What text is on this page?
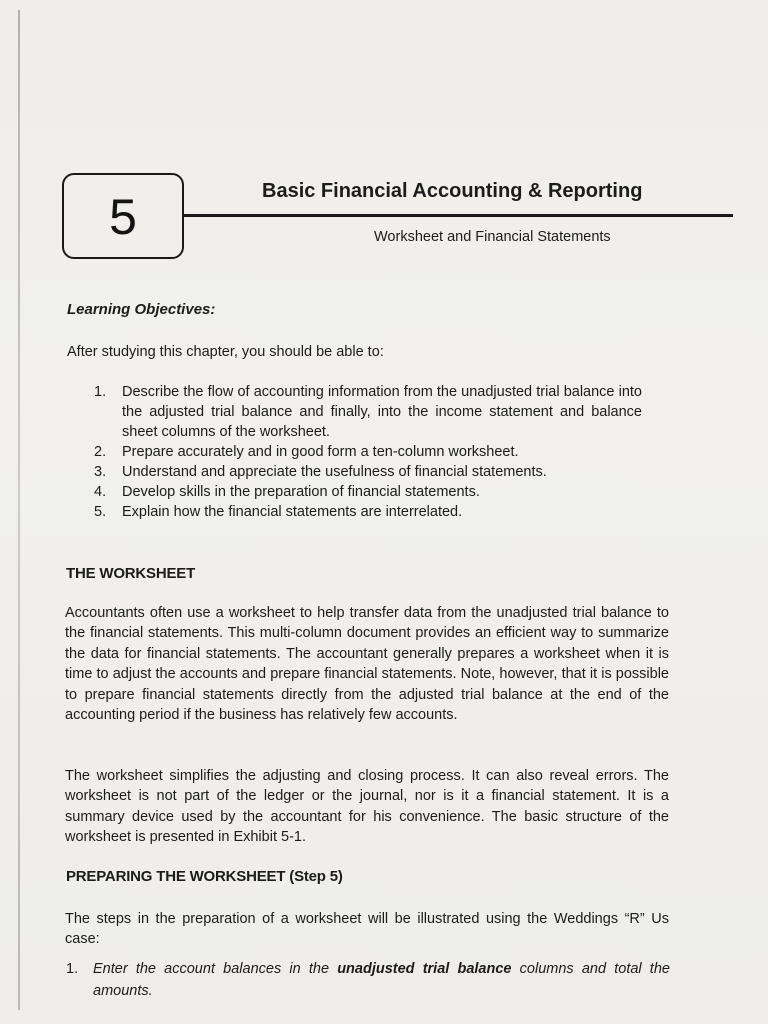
5	Basic Financial Accounting & Reporting
Worksheet and Financial Statements
Learning Objectives:
After studying this chapter, you should be able to:
1. Describe the flow of accounting information from the unadjusted trial balance into the adjusted trial balance and finally, into the income statement and balance sheet columns of the worksheet.
2. Prepare accurately and in good form a ten-column worksheet.
3. Understand and appreciate the usefulness of financial statements.
4. Develop skills in the preparation of financial statements.
5. Explain how the financial statements are interrelated.
THE WORKSHEET

Accountants often use a worksheet to help transfer data from the unadjusted trial balance to the financial statements. This multi-column document provides an efficient way to summarize the data for financial statements. The accountant generally prepares a worksheet when it is time to adjust the accounts and prepare financial statements. Note, however, that it is possible to prepare financial statements directly from the adjusted trial balance at the end of the accounting period if the business has relatively few accounts.

The worksheet simplifies the adjusting and closing process. It can also reveal errors. The worksheet is not part of the ledger or the journal, nor is it a financial statement. It is a summary device used by the accountant for his convenience. The basic structure of the worksheet is presented in Exhibit 5-1.

PREPARING THE WORKSHEET (Step 5)

The steps in the preparation of a worksheet will be illustrated using the Weddings “R” Us case:

1.	Enter the account balances in the unadjusted trial balance columns and total the amounts.
